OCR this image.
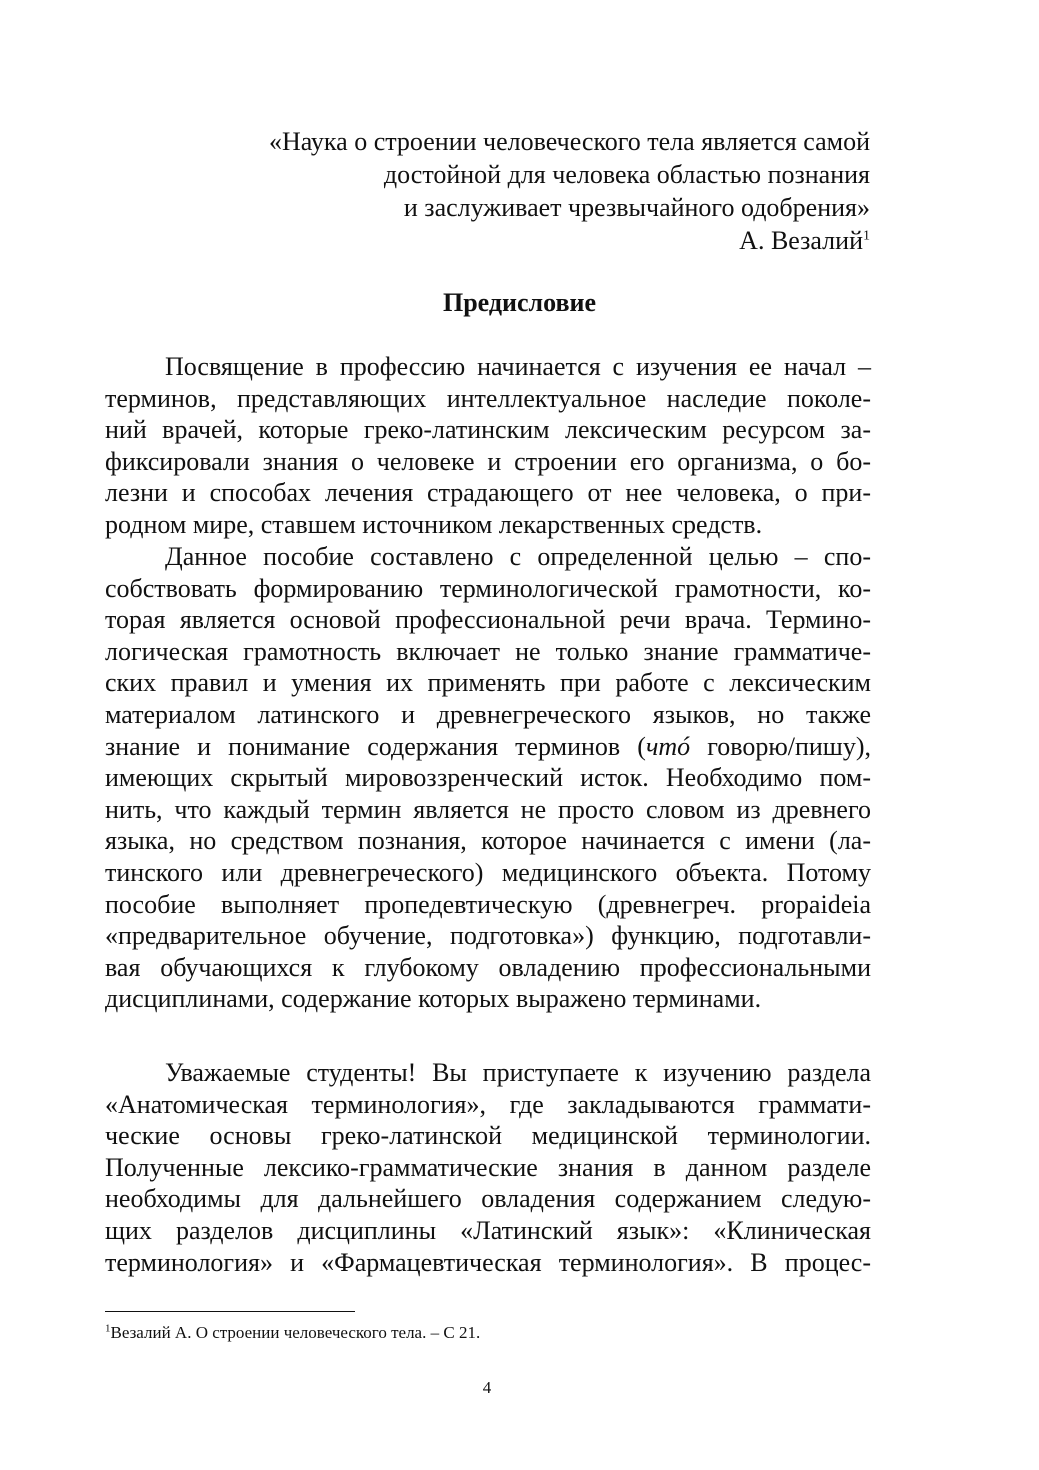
«Наука о строении человеческого тела является самой
достойной для человека областью познания
и заслуживает чрезвычайного одобрения»
А. Везалий$^1$
Предисловие
Посвящение в профессию начинается с изучения ее начал –
терминов, представляющих интеллектуальное наследие поколе-
ний врачей, которые греко-латинским лексическим ресурсом за-
фиксировали знания о человеке и строении его организма, о бо-
лезни и способах лечения страдающего от нее человека, о при-
родном мире, ставшем источником лекарственных средств.
Данное пособие составлено с определенной целью – спо-
собствовать формированию терминологической грамотности, ко-
торая является основой профессиональной речи врача. Термино-
логическая грамотность включает не только знание грамматиче-
ских правил и умения их применять при работе с лексическим
материалом латинского и древнегреческого языков, но также
знание и понимание содержания терминов (чтó говорю/пишу),
имеющих скрытый мировоззренческий исток. Необходимо пом-
нить, что каждый термин является не просто словом из древнего
языка, но средством познания, которое начинается с имени (ла-
тинского или древнегреческого) медицинского объекта. Потому
пособие выполняет пропедевтическую (древнегреч. propaideia
«предварительное обучение, подготовка») функцию, подготавли-
вая обучающихся к глубокому овладению профессиональными
дисциплинами, содержание которых выражено терминами.
Уважаемые студенты! Вы приступаете к изучению раздела
«Анатомическая терминология», где закладываются граммати-
ческие основы греко-латинской медицинской терминологии.
Полученные лексико-грамматические знания в данном разделе
необходимы для дальнейшего овладения содержанием следую-
щих разделов дисциплины «Латинский язык»: «Клиническая
терминология» и «Фармацевтическая терминология». В процес-
$^1$Везалий А. О строении человеческого тела. – С 21.
4
